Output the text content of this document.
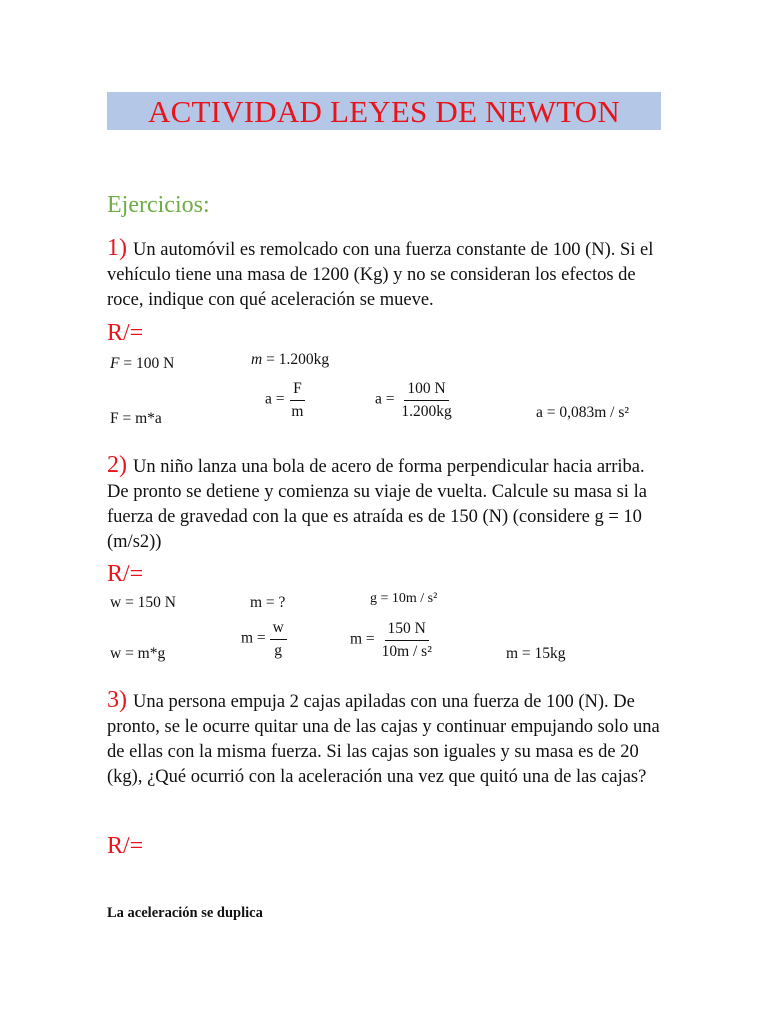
ACTIVIDAD LEYES DE NEWTON
Ejercicios:
1) Un automóvil es remolcado con una fuerza constante de 100 (N). Si el vehículo tiene una masa de 1200 (Kg) y no se consideran los efectos de roce, indique con qué aceleración se mueve.
R/=
F = 100 N	m = 1.200kg
F = m*a
$a = \frac{F}{m}$	$a = \frac{100 N}{1.200kg}$	a = 0,083m / s²
2) Un niño lanza una bola de acero de forma perpendicular hacia arriba. De pronto se detiene y comienza su viaje de vuelta. Calcule su masa si la fuerza de gravedad con la que es atraída es de 150 (N) (considere g = 10 (m/s2))
R/=
w = 150 N	m = ?	g = 10m / s²
w = m*g
$m = \frac{w}{g}$	$m = \frac{150 N}{\text{10m / s²}}$	m = 15kg
3) Una persona empuja 2 cajas apiladas con una fuerza de 100 (N). De pronto, se le ocurre quitar una de las cajas y continuar empujando solo una de ellas con la misma fuerza. Si las cajas son iguales y su masa es de 20 (kg), ¿Qué ocurrió con la aceleración una vez que quitó una de las cajas?
R/=
La aceleración se duplica
